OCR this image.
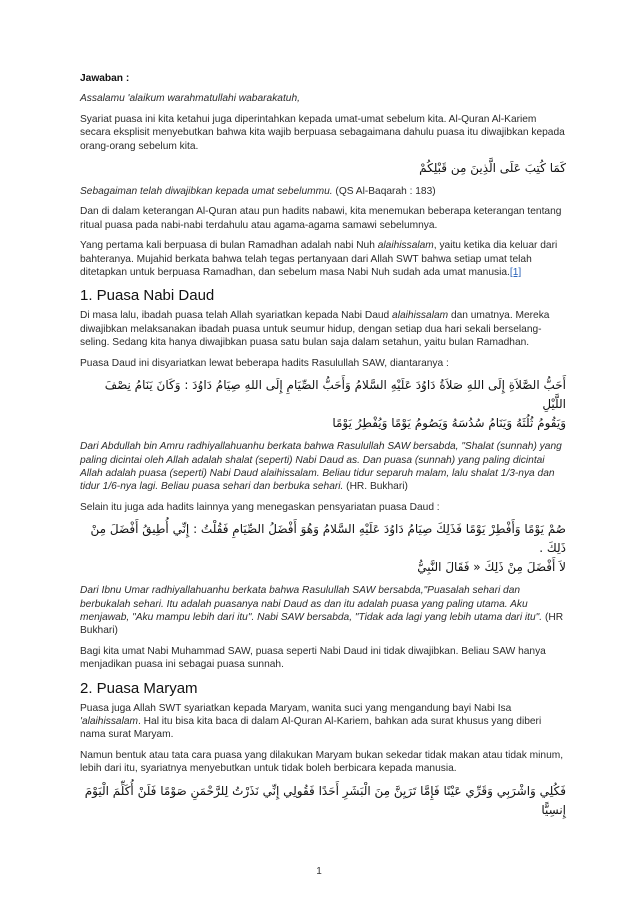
Jawaban :

Assalamu 'alaikum warahmatullahi wabarakatuh,

Syariat puasa ini kita ketahui juga diperintahkan kepada umat-umat sebelum kita. Al-Quran Al-Kariem secara eksplisit menyebutkan bahwa kita wajib berpuasa sebagaimana dahulu puasa itu diwajibkan kepada orang-orang sebelum kita.

كَمَا كُتِبَ عَلَى الَّذِينَ مِن قَبْلِكُمْ

Sebagaiman telah diwajibkan kepada umat sebelummu. (QS Al-Baqarah : 183)

Dan di dalam keterangan Al-Quran atau pun hadits nabawi, kita menemukan beberapa keterangan tentang ritual puasa pada nabi-nabi terdahulu atau agama-agama samawi sebelumnya.

Yang pertama kali berpuasa di bulan Ramadhan adalah nabi Nuh alaihissalam, yaitu ketika dia keluar dari bahteranya. Mujahid berkata bahwa telah tegas pertanyaan dari Allah SWT bahwa setiap umat telah ditetapkan untuk berpuasa Ramadhan, dan sebelum masa Nabi Nuh sudah ada umat manusia.[1]

1. Puasa Nabi Daud

Di masa lalu, ibadah puasa telah Allah syariatkan kepada Nabi Daud alaihissalam dan umatnya. Mereka diwajibkan melaksanakan ibadah puasa untuk seumur hidup, dengan setiap dua hari sekali berselang-seling. Sedang kita hanya diwajibkan puasa satu bulan saja dalam setahun, yaitu bulan Ramadhan.

Puasa Daud ini disyariatkan lewat beberapa hadits Rasulullah SAW, diantaranya :

أَحَبُّ الصَّلاَةِ إِلَى اللهِ صَلاَةُ دَاوُدَ عَلَيْهِ السَّلامُ وَأَحَبُّ الصِّيَامِ إِلَى اللهِ صِيَامُ دَاوُدَ : وَكَانَ يَنَامُ نِصْفَ اللَّيْلِ
وَيَقُومُ ثُلُثَهُ وَيَنَامُ سُدُسَهُ وَيَصُومُ يَوْمًا وَيُفْطِرُ يَوْمًا

Dari Abdullah bin Amru radhiyallahuanhu berkata bahwa Rasulullah SAW bersabda, "Shalat (sunnah) yang paling dicintai oleh Allah adalah shalat (seperti) Nabi Daud as. Dan puasa (sunnah) yang paling dicintai Allah adalah puasa (seperti) Nabi Daud alaihissalam. Beliau tidur separuh malam, lalu shalat 1/3-nya dan tidur 1/6-nya lagi. Beliau puasa sehari dan berbuka sehari. (HR. Bukhari)

Selain itu juga ada hadits lainnya yang menegaskan pensyariatan puasa Daud :

صُمْ يَوْمًا وَأَفْطِرْ يَوْمًا فَذَلِكَ صِيَامُ دَاوُدَ عَلَيْهِ السَّلامُ وَهُوَ أَفْضَلُ الصِّيَامِ فَقُلْتُ : إِنِّي أُطِيقُ أَفْضَلَ مِنْ ذَلِكَ .
لاَ أَفْضَلَ مِنْ ذَلِكَ « فَقَالَ النَّبِيُّ

Dari Ibnu Umar radhiyallahuanhu berkata bahwa Rasulullah SAW bersabda,"Puasalah sehari dan berbukalah sehari. Itu adalah puasanya nabi Daud as dan itu adalah puasa yang paling utama. Aku menjawab, "Aku mampu lebih dari itu". Nabi SAW bersabda, "Tidak ada lagi yang lebih utama dari itu". (HR Bukhari)

Bagi kita umat Nabi Muhammad SAW, puasa seperti Nabi Daud ini tidak diwajibkan. Beliau SAW hanya menjadikan puasa ini sebagai puasa sunnah.

2. Puasa Maryam

Puasa juga Allah SWT syariatkan kepada Maryam, wanita suci yang mengandung bayi Nabi Isa 'alaihissalam. Hal itu bisa kita baca di dalam Al-Quran Al-Kariem, bahkan ada surat khusus yang diberi nama surat Maryam.

Namun bentuk atau tata cara puasa yang dilakukan Maryam bukan sekedar tidak makan atau tidak minum, lebih dari itu, syariatnya menyebutkan untuk tidak boleh berbicara kepada manusia.

فَكُلِي وَاشْرَبِي وَقَرِّي عَيْنًا فَإِمَّا تَرَيِنَّ مِنَ الْبَشَرِ أَحَدًا فَقُولِي إِنِّي نَذَرْتُ لِلرَّحْمَنِ صَوْمًا فَلَنْ أُكَلِّمَ الْيَوْمَ إِنسِيًّا
1
